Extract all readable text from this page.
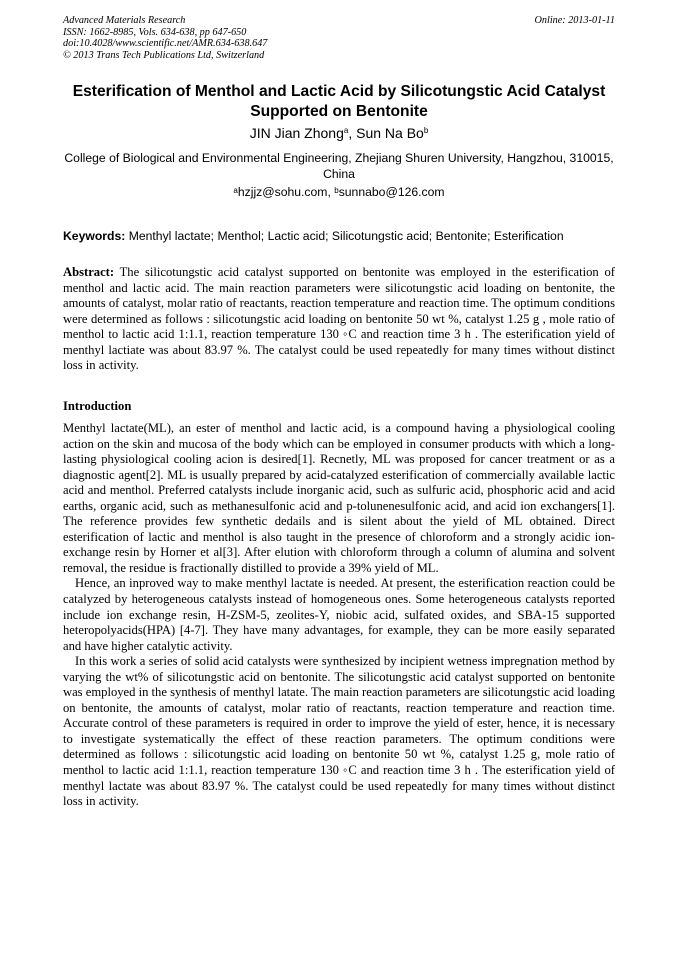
Advanced Materials Research
ISSN: 1662-8985, Vols. 634-638, pp 647-650
doi:10.4028/www.scientific.net/AMR.634-638.647
© 2013 Trans Tech Publications Ltd, Switzerland
Online: 2013-01-11
Esterification of Menthol and Lactic Acid by Silicotungstic Acid Catalyst Supported on Bentonite
JIN Jian Zhong$^a$, Sun Na Bo$^b$
College of Biological and Environmental Engineering, Zhejiang Shuren University, Hangzhou, 310015, China
$^a$hzjjz@sohu.com, $^b$sunnabo@126.com
Keywords: Menthyl lactate; Menthol; Lactic acid; Silicotungstic acid; Bentonite; Esterification
Abstract: The silicotungstic acid catalyst supported on bentonite was employed in the esterification of menthol and lactic acid. The main reaction parameters were silicotungstic acid loading on bentonite, the amounts of catalyst, molar ratio of reactants, reaction temperature and reaction time. The optimum conditions were determined as follows : silicotungstic acid loading on bentonite 50 wt %, catalyst 1.25 g , mole ratio of menthol to lactic acid 1:1.1, reaction temperature 130 ◦C and reaction time 3 h . The esterification yield of menthyl lactiate was about 83.97 %. The catalyst could be used repeatedly for many times without distinct loss in activity.
Introduction

Menthyl lactate(ML), an ester of menthol and lactic acid, is a compound having a physiological cooling action on the skin and mucosa of the body which can be employed in consumer products with which a long-lasting physiological cooling acion is desired[1]. Recnetly, ML was proposed for cancer treatment or as a diagnostic agent[2]. ML is usually prepared by acid-catalyzed esterification of commercially available lactic acid and menthol. Preferred catalysts include inorganic acid, such as sulfuric acid, phosphoric acid and acid earths, organic acid, such as methanesulfonic acid and p-tolunenesulfonic acid, and acid ion exchangers[1]. The reference provides few synthetic dedails and is silent about the yield of ML obtained. Direct esterification of lactic and menthol is also taught in the presence of chloroform and a strongly acidic ion-exchange resin by Horner et al[3]. After elution with chloroform through a column of alumina and solvent removal, the residue is fractionally distilled to provide a 39% yield of ML.

Hence, an inproved way to make menthyl lactate is needed. At present, the esterification reaction could be catalyzed by heterogeneous catalysts instead of homogeneous ones. Some heterogeneous catalysts reported include ion exchange resin, H-ZSM-5, zeolites-Y, niobic acid, sulfated oxides, and SBA-15 supported heteropolyacids(HPA) [4-7]. They have many advantages, for example, they can be more easily separated and have higher catalytic activity.

In this work a series of solid acid catalysts were synthesized by incipient wetness impregnation method by varying the wt% of silicotungstic acid on bentonite. The silicotungstic acid catalyst supported on bentonite was employed in the synthesis of menthyl latate. The main reaction parameters are silicotungstic acid loading on bentonite, the amounts of catalyst, molar ratio of reactants, reaction temperature and reaction time. Accurate control of these parameters is required in order to improve the yield of ester, hence, it is necessary to investigate systematically the effect of these reaction parameters. The optimum conditions were determined as follows : silicotungstic acid loading on bentonite 50 wt %, catalyst 1.25 g, mole ratio of menthol to lactic acid 1:1.1, reaction temperature 130 ◦C and reaction time 3 h . The esterification yield of menthyl lactate was about 83.97 %. The catalyst could be used repeatedly for many times without distinct loss in activity.
